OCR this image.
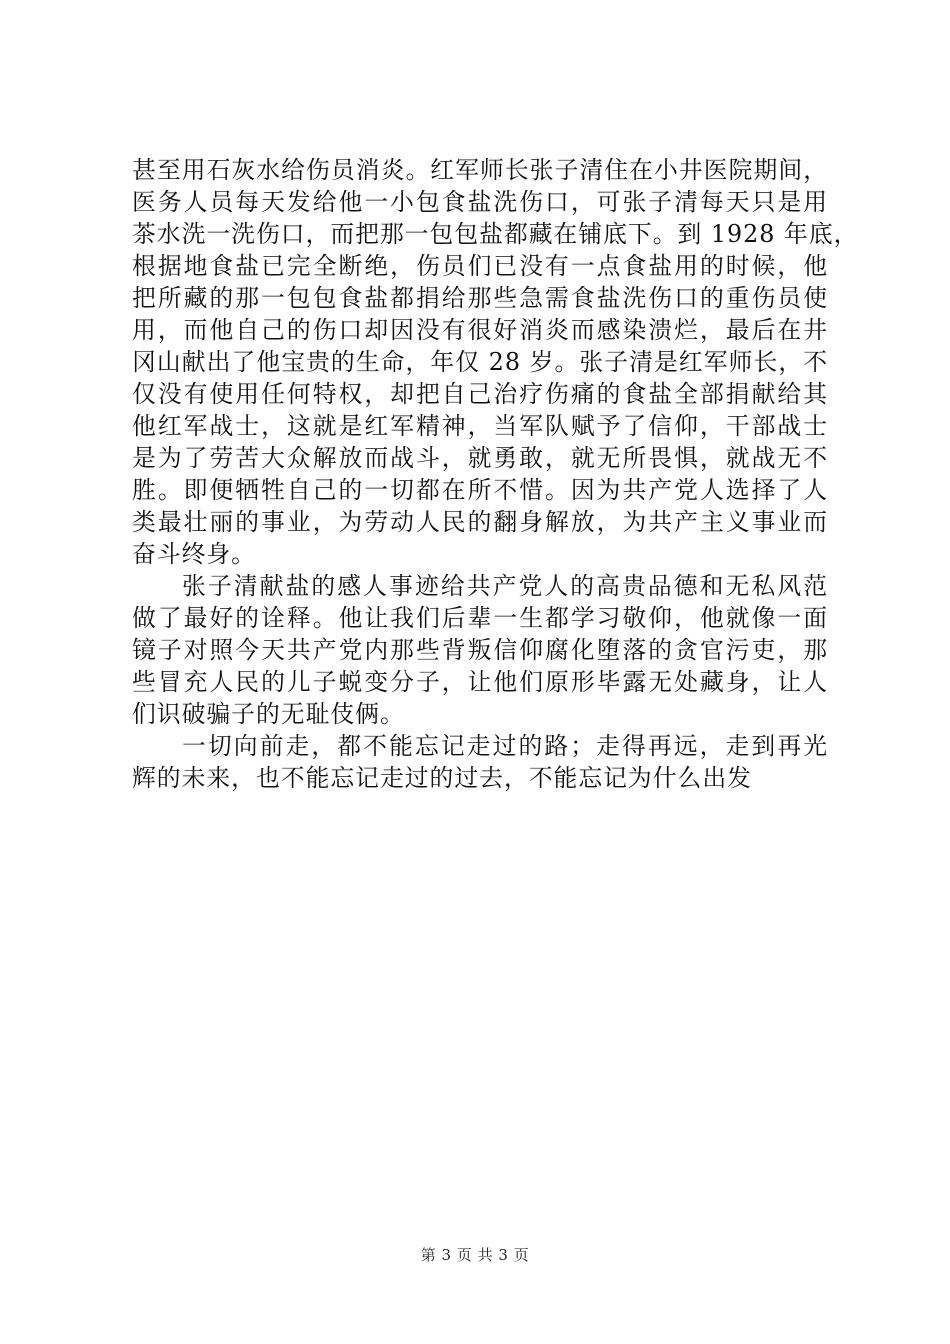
甚至用石灰水给伤员消炎。红军师长张子清住在小井医院期间，
医务人员每天发给他一小包食盐洗伤口，可张子清每天只是用
茶水洗一洗伤口，而把那一包包盐都藏在铺底下。到 1928 年底，
根据地食盐已完全断绝，伤员们已没有一点食盐用的时候，他
把所藏的那一包包食盐都捐给那些急需食盐洗伤口的重伤员使
用，而他自己的伤口却因没有很好消炎而感染溃烂，最后在井
冈山献出了他宝贵的生命，年仅 28 岁。张子清是红军师长，不
仅没有使用任何特权，却把自己治疗伤痛的食盐全部捐献给其
他红军战士，这就是红军精神，当军队赋予了信仰，干部战士
是为了劳苦大众解放而战斗，就勇敢，就无所畏惧，就战无不
胜。即便牺牲自己的一切都在所不惜。因为共产党人选择了人
类最壮丽的事业，为劳动人民的翻身解放，为共产主义事业而
奋斗终身。
张子清献盐的感人事迹给共产党人的高贵品德和无私风范
做了最好的诠释。他让我们后辈一生都学习敬仰，他就像一面
镜子对照今天共产党内那些背叛信仰腐化堕落的贪官污吏，那
些冒充人民的儿子蜕变分子，让他们原形毕露无处藏身，让人
们识破骗子的无耻伎俩。
一切向前走，都不能忘记走过的路；走得再远，走到再光
辉的未来，也不能忘记走过的过去，不能忘记为什么出发
第 3 页 共 3 页
